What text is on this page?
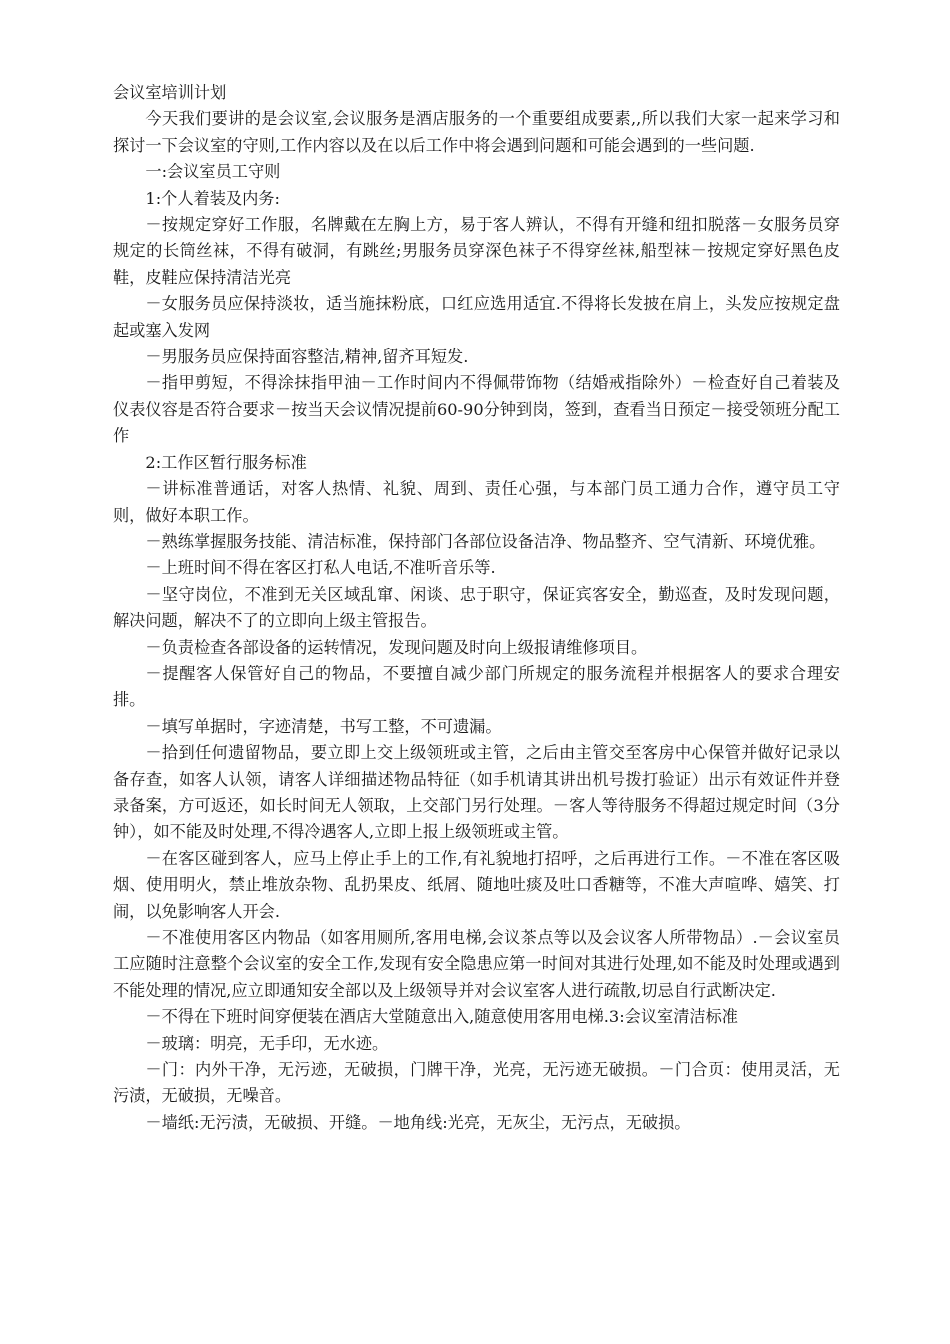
会议室培训计划

今天我们要讲的是会议室,会议服务是酒店服务的一个重要组成要素,,所以我们大家一起来学习和探讨一下会议室的守则,工作内容以及在以后工作中将会遇到问题和可能会遇到的一些问题.

一:会议室员工守则

1:个人着装及内务:

－按规定穿好工作服，名牌戴在左胸上方，易于客人辨认，不得有开缝和纽扣脱落－女服务员穿规定的长筒丝袜，不得有破洞，有跳丝;男服务员穿深色袜子不得穿丝袜,船型袜－按规定穿好黑色皮鞋，皮鞋应保持清洁光亮

－女服务员应保持淡妆，适当施抹粉底，口红应选用适宜.不得将长发披在肩上，头发应按规定盘起或塞入发网

－男服务员应保持面容整洁,精神,留齐耳短发.

－指甲剪短，不得涂抹指甲油－工作时间内不得佩带饰物（结婚戒指除外）－检查好自己着装及仪表仪容是否符合要求－按当天会议情况提前60-90分钟到岗，签到，查看当日预定－接受领班分配工作

2:工作区暂行服务标准

－讲标准普通话，对客人热情、礼貌、周到、责任心强，与本部门员工通力合作，遵守员工守则，做好本职工作。

－熟练掌握服务技能、清洁标准，保持部门各部位设备洁净、物品整齐、空气清新、环境优雅。

－上班时间不得在客区打私人电话,不准听音乐等.

－坚守岗位，不准到无关区域乱窜、闲谈、忠于职守，保证宾客安全，勤巡查，及时发现问题，解决问题，解决不了的立即向上级主管报告。

－负责检查各部设备的运转情况，发现问题及时向上级报请维修项目。

－提醒客人保管好自己的物品，不要擅自减少部门所规定的服务流程并根据客人的要求合理安排。

－填写单据时，字迹清楚，书写工整，不可遗漏。

－拾到任何遗留物品，要立即上交上级领班或主管，之后由主管交至客房中心保管并做好记录以备存查，如客人认领，请客人详细描述物品特征（如手机请其讲出机号拨打验证）出示有效证件并登录备案，方可返还，如长时间无人领取，上交部门另行处理。－客人等待服务不得超过规定时间（3分钟），如不能及时处理,不得冷遇客人,立即上报上级领班或主管。

－在客区碰到客人，应马上停止手上的工作,有礼貌地打招呼，之后再进行工作。－不准在客区吸烟、使用明火，禁止堆放杂物、乱扔果皮、纸屑、随地吐痰及吐口香糖等，不准大声喧哗、嬉笑、打闹，以免影响客人开会.

－不准使用客区内物品（如客用厕所,客用电梯,会议茶点等以及会议客人所带物品）.－会议室员工应随时注意整个会议室的安全工作,发现有安全隐患应第一时间对其进行处理,如不能及时处理或遇到不能处理的情况,应立即通知安全部以及上级领导并对会议室客人进行疏散,切忌自行武断决定.

－不得在下班时间穿便装在酒店大堂随意出入,随意使用客用电梯.3:会议室清洁标准

－玻璃：明亮，无手印，无水迹。

－门：内外干净，无污迹，无破损，门牌干净，光亮，无污迹无破损。－门合页：使用灵活，无污渍，无破损，无噪音。

－墙纸:无污渍，无破损、开缝。－地角线:光亮，无灰尘，无污点，无破损。
